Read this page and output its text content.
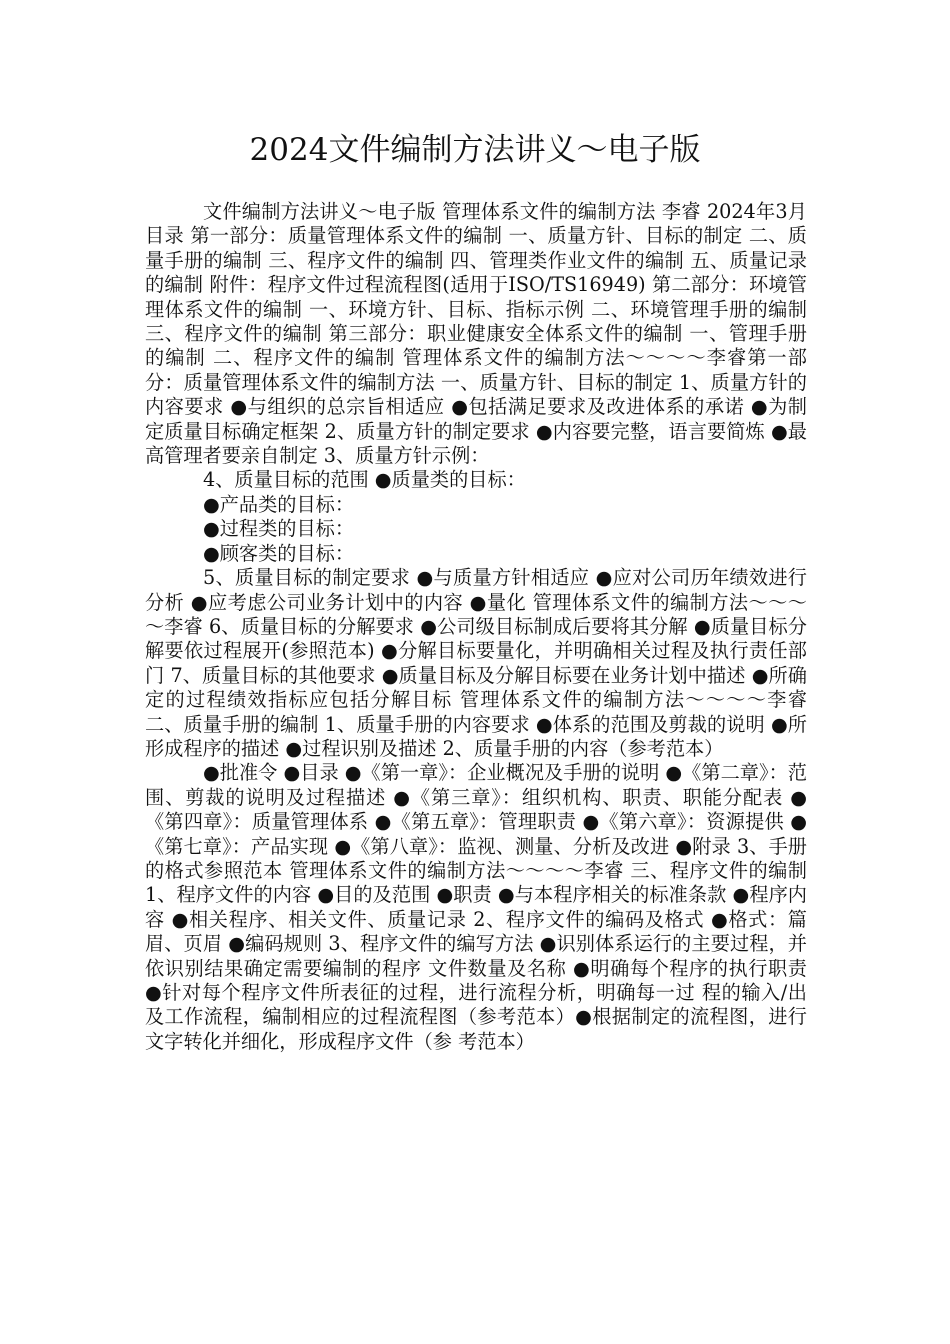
2024文件编制方法讲义～电子版

文件编制方法讲义～电子版 管理体系文件的编制方法 李睿 2024年3月 目录 第一部分：质量管理体系文件的编制 一、质量方针、目标的制定 二、质量手册的编制 三、程序文件的编制 四、管理类作业文件的编制 五、质量记录的编制 附件：程序文件过程流程图(适用于ISO/TS16949) 第二部分：环境管理体系文件的编制 一、环境方针、目标、指标示例 二、环境管理手册的编制 三、程序文件的编制 第三部分：职业健康安全体系文件的编制 一、管理手册的编制 二、程序文件的编制 管理体系文件的编制方法～～～～李睿第一部分：质量管理体系文件的编制方法 一、质量方针、目标的制定 1、质量方针的内容要求 ●与组织的总宗旨相适应 ●包括满足要求及改进体系的承诺 ●为制定质量目标确定框架 2、质量方针的制定要求 ●内容要完整，语言要简炼 ●最高管理者要亲自制定 3、质量方针示例：

4、质量目标的范围 ●质量类的目标：

●产品类的目标：

●过程类的目标：

●顾客类的目标：

5、质量目标的制定要求 ●与质量方针相适应 ●应对公司历年绩效进行分析 ●应考虑公司业务计划中的内容 ●量化 管理体系文件的编制方法～～～～李睿 6、质量目标的分解要求 ●公司级目标制成后要将其分解 ●质量目标分解要依过程展开(参照范本) ●分解目标要量化，并明确相关过程及执行责任部门 7、质量目标的其他要求 ●质量目标及分解目标要在业务计划中描述 ●所确定的过程绩效指标应包括分解目标 管理体系文件的编制方法～～～～李睿 二、质量手册的编制 1、质量手册的内容要求 ●体系的范围及剪裁的说明 ●所形成程序的描述 ●过程识别及描述 2、质量手册的内容（参考范本）

●批准令 ●目录 ●《第一章》：企业概况及手册的说明 ●《第二章》：范围、剪裁的说明及过程描述 ●《第三章》：组织机构、职责、职能分配表 ●《第四章》：质量管理体系 ●《第五章》：管理职责 ●《第六章》：资源提供 ●《第七章》：产品实现 ●《第八章》：监视、测量、分析及改进 ●附录 3、手册的格式参照范本 管理体系文件的编制方法～～～～李睿 三、程序文件的编制 1、程序文件的内容 ●目的及范围 ●职责 ●与本程序相关的标准条款 ●程序内容 ●相关程序、相关文件、质量记录 2、程序文件的编码及格式 ●格式：篇眉、页眉 ●编码规则 3、程序文件的编写方法 ●识别体系运行的主要过程，并依识别结果确定需要编制的程序 文件数量及名称 ●明确每个程序的执行职责 ●针对每个程序文件所表征的过程，进行流程分析，明确每一过 程的输入/出及工作流程，编制相应的过程流程图（参考范本）●根据制定的流程图，进行文字转化并细化，形成程序文件（参 考范本）
